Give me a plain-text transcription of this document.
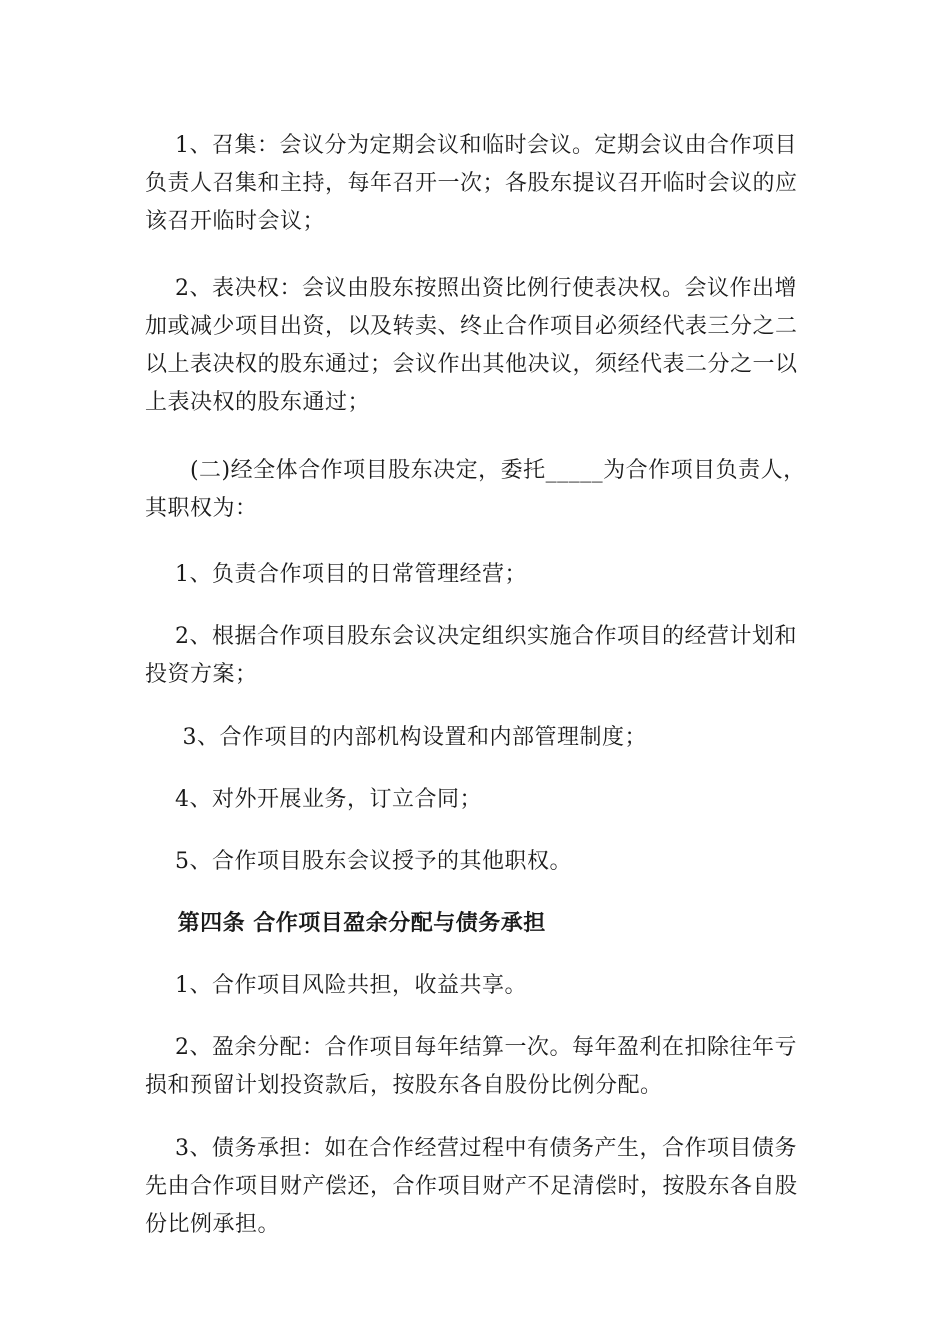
1、召集：会议分为定期会议和临时会议。定期会议由合作项目负责人召集和主持，每年召开一次；各股东提议召开临时会议的应该召开临时会议；

2、表决权：会议由股东按照出资比例行使表决权。会议作出增加或减少项目出资，以及转卖、终止合作项目必须经代表三分之二以上表决权的股东通过；会议作出其他决议，须经代表二分之一以上表决权的股东通过；

(二)经全体合作项目股东决定，委托_____为合作项目负责人，其职权为：

1、负责合作项目的日常管理经营；

2、根据合作项目股东会议决定组织实施合作项目的经营计划和投资方案；

3、合作项目的内部机构设置和内部管理制度；

4、对外开展业务，订立合同；

5、合作项目股东会议授予的其他职权。

第四条 合作项目盈余分配与债务承担

1、合作项目风险共担，收益共享。

2、盈余分配：合作项目每年结算一次。每年盈利在扣除往年亏损和预留计划投资款后，按股东各自股份比例分配。

3、债务承担：如在合作经营过程中有债务产生，合作项目债务先由合作项目财产偿还，合作项目财产不足清偿时，按股东各自股份比例承担。
